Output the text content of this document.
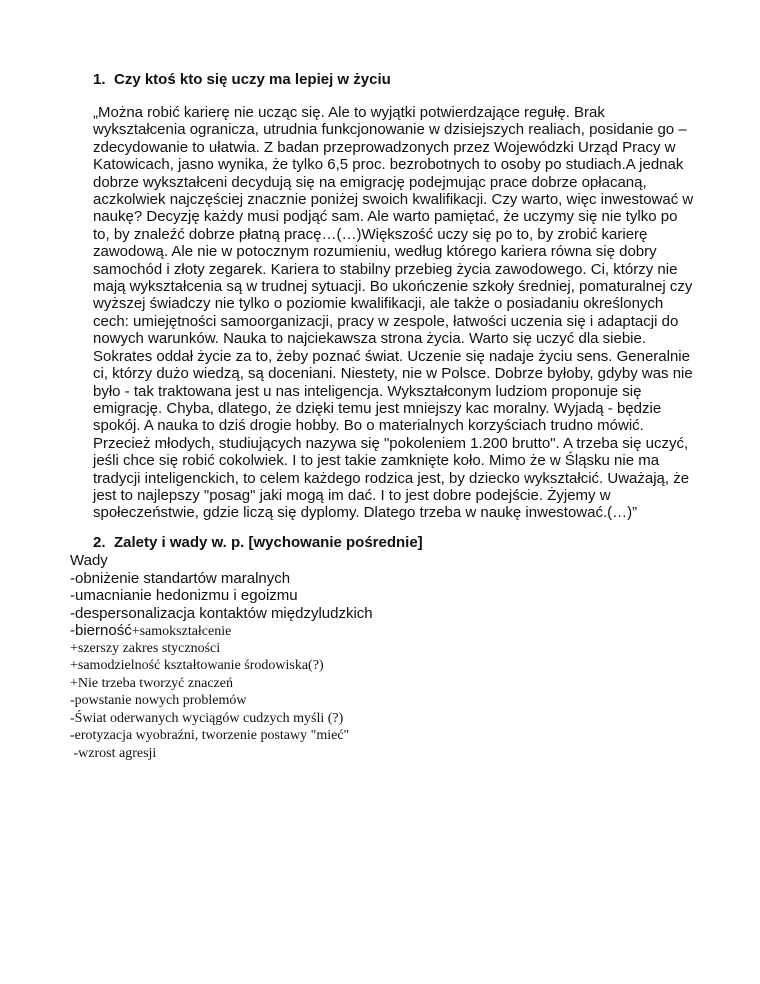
1. Czy ktoś kto się uczy ma lepiej w życiu
„Można robić karierę nie ucząc się. Ale to wyjątki potwierdzające regułę. Brak
wykształcenia ogranicza, utrudnia funkcjonowanie w dzisiejszych realiach, posidanie go –
zdecydowanie to ułatwia. Z badan przeprowadzonych przez Wojewódzki Urząd Pracy w
Katowicach, jasno wynika, że tylko 6,5 proc. bezrobotnych to osoby po studiach.A jednak
dobrze wykształceni decydują się na emigrację podejmując prace dobrze opłacaną,
aczkolwiek najczęściej znacznie poniżej swoich kwalifikacji. Czy warto, więc inwestować w
naukę? Decyzję każdy musi podjąć sam. Ale warto pamiętać, że uczymy się nie tylko po
to, by znaleźć dobrze płatną pracę…(…)Większość uczy się po to, by zrobić karierę
zawodową. Ale nie w potocznym rozumieniu, według którego kariera równa się dobry
samochód i złoty zegarek. Kariera to stabilny przebieg życia zawodowego. Ci, którzy nie
mają wykształcenia są w trudnej sytuacji. Bo ukończenie szkoły średniej, pomaturalnej czy
wyższej świadczy nie tylko o poziomie kwalifikacji, ale także o posiadaniu określonych
cech: umiejętności samoorganizacji, pracy w zespole, łatwości uczenia się i adaptacji do
nowych warunków. Nauka to najciekawsza strona życia. Warto się uczyć dla siebie.
Sokrates oddał życie za to, żeby poznać świat. Uczenie się nadaje życiu sens. Generalnie
ci, którzy dużo wiedzą, są doceniani. Niestety, nie w Polsce. Dobrze byłoby, gdyby was nie
było - tak traktowana jest u nas inteligencja. Wykształconym ludziom proponuje się
emigrację. Chyba, dlatego, że dzięki temu jest mniejszy kac moralny. Wyjadą - będzie
spokój. A nauka to dziś drogie hobby. Bo o materialnych korzyściach trudno mówić.
Przecież młodych, studiujących nazywa się "pokoleniem 1.200 brutto". A trzeba się uczyć,
jeśli chce się robić cokolwiek. I to jest takie zamknięte koło. Mimo że w Śląsku nie ma
tradycji inteligenckich, to celem każdego rodzica jest, by dziecko wykształcić. Uważają, że
jest to najlepszy "posag" jaki mogą im dać. I to jest dobre podejście. Żyjemy w
społeczeństwie, gdzie liczą się dyplomy. Dlatego trzeba w naukę inwestować.(…)”
2. Zalety i wady w. p. [wychowanie pośrednie]
Wady
-obniżenie standartów maralnych
-umacnianie hedonizmu i egoizmu
-despersonalizacja kontaktów międzyludzkich
-bierność+samokształcenie
+szerszy zakres styczności
+samodzielność kształtowanie środowiska(?)
+Nie trzeba tworzyć znaczeń
-powstanie nowych problemów
-Świat oderwanych wyciągów cudzych myśli (?)
-erotyzacja wyobraźni, tworzenie postawy "mieć"
-wzrost agresji
